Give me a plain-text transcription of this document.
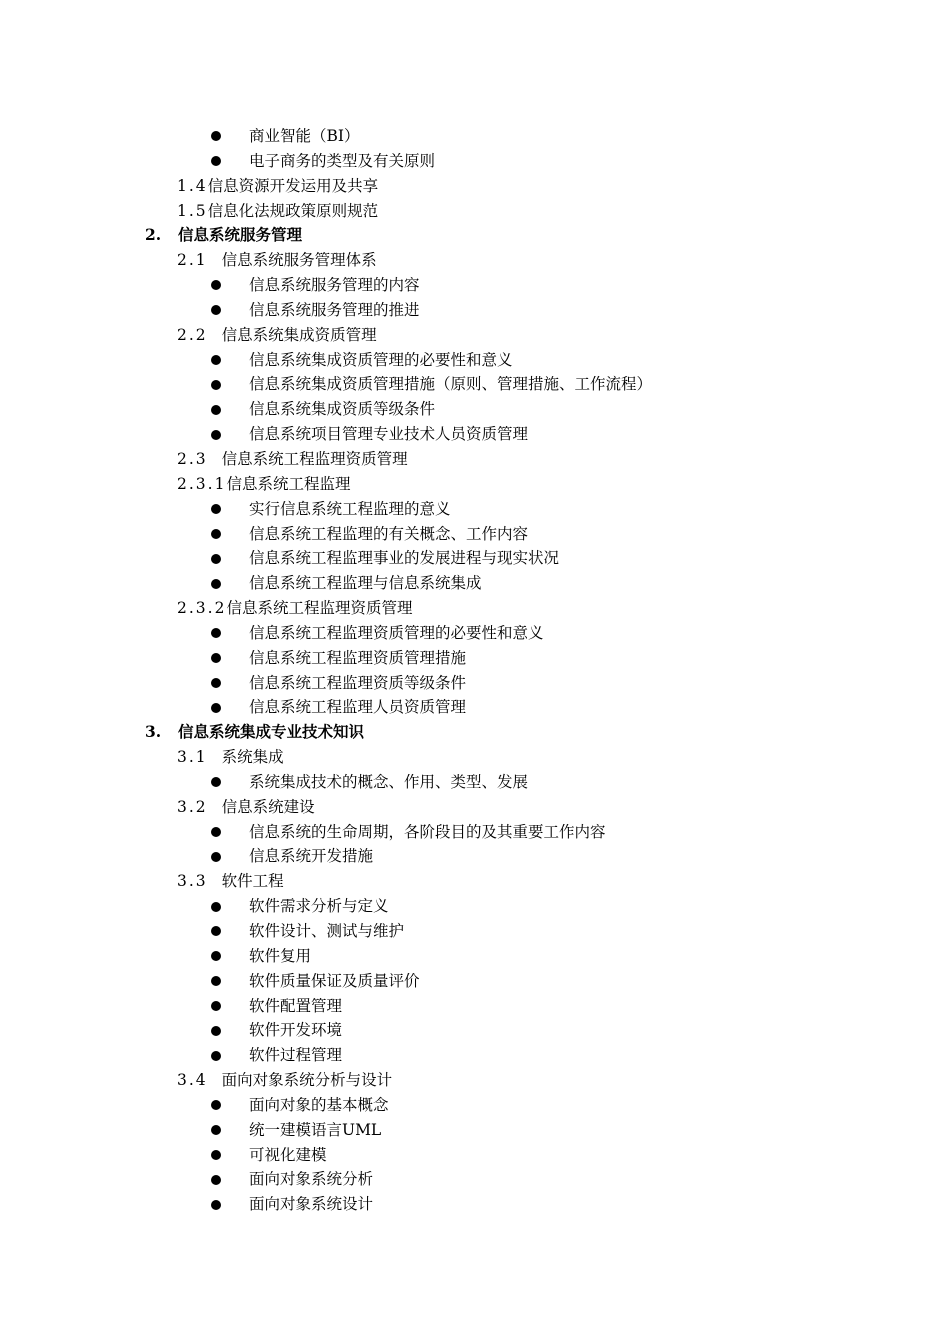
商业智能（BI）
电子商务的类型及有关原则
1.4信息资源开发运用及共享
1.5信息化法规政策原则规范
2. 信息系统服务管理
2.1 信息系统服务管理体系
信息系统服务管理的内容
信息系统服务管理的推进
2.2 信息系统集成资质管理
信息系统集成资质管理的必要性和意义
信息系统集成资质管理措施（原则、管理措施、工作流程）
信息系统集成资质等级条件
信息系统项目管理专业技术人员资质管理
2.3 信息系统工程监理资质管理
2.3.1信息系统工程监理
实行信息系统工程监理的意义
信息系统工程监理的有关概念、工作内容
信息系统工程监理事业的发展进程与现实状况
信息系统工程监理与信息系统集成
2.3.2信息系统工程监理资质管理
信息系统工程监理资质管理的必要性和意义
信息系统工程监理资质管理措施
信息系统工程监理资质等级条件
信息系统工程监理人员资质管理
3. 信息系统集成专业技术知识
3.1 系统集成
系统集成技术的概念、作用、类型、发展
3.2 信息系统建设
信息系统的生命周期，各阶段目的及其重要工作内容
信息系统开发措施
3.3 软件工程
软件需求分析与定义
软件设计、测试与维护
软件复用
软件质量保证及质量评价
软件配置管理
软件开发环境
软件过程管理
3.4 面向对象系统分析与设计
面向对象的基本概念
统一建模语言UML
可视化建模
面向对象系统分析
面向对象系统设计
